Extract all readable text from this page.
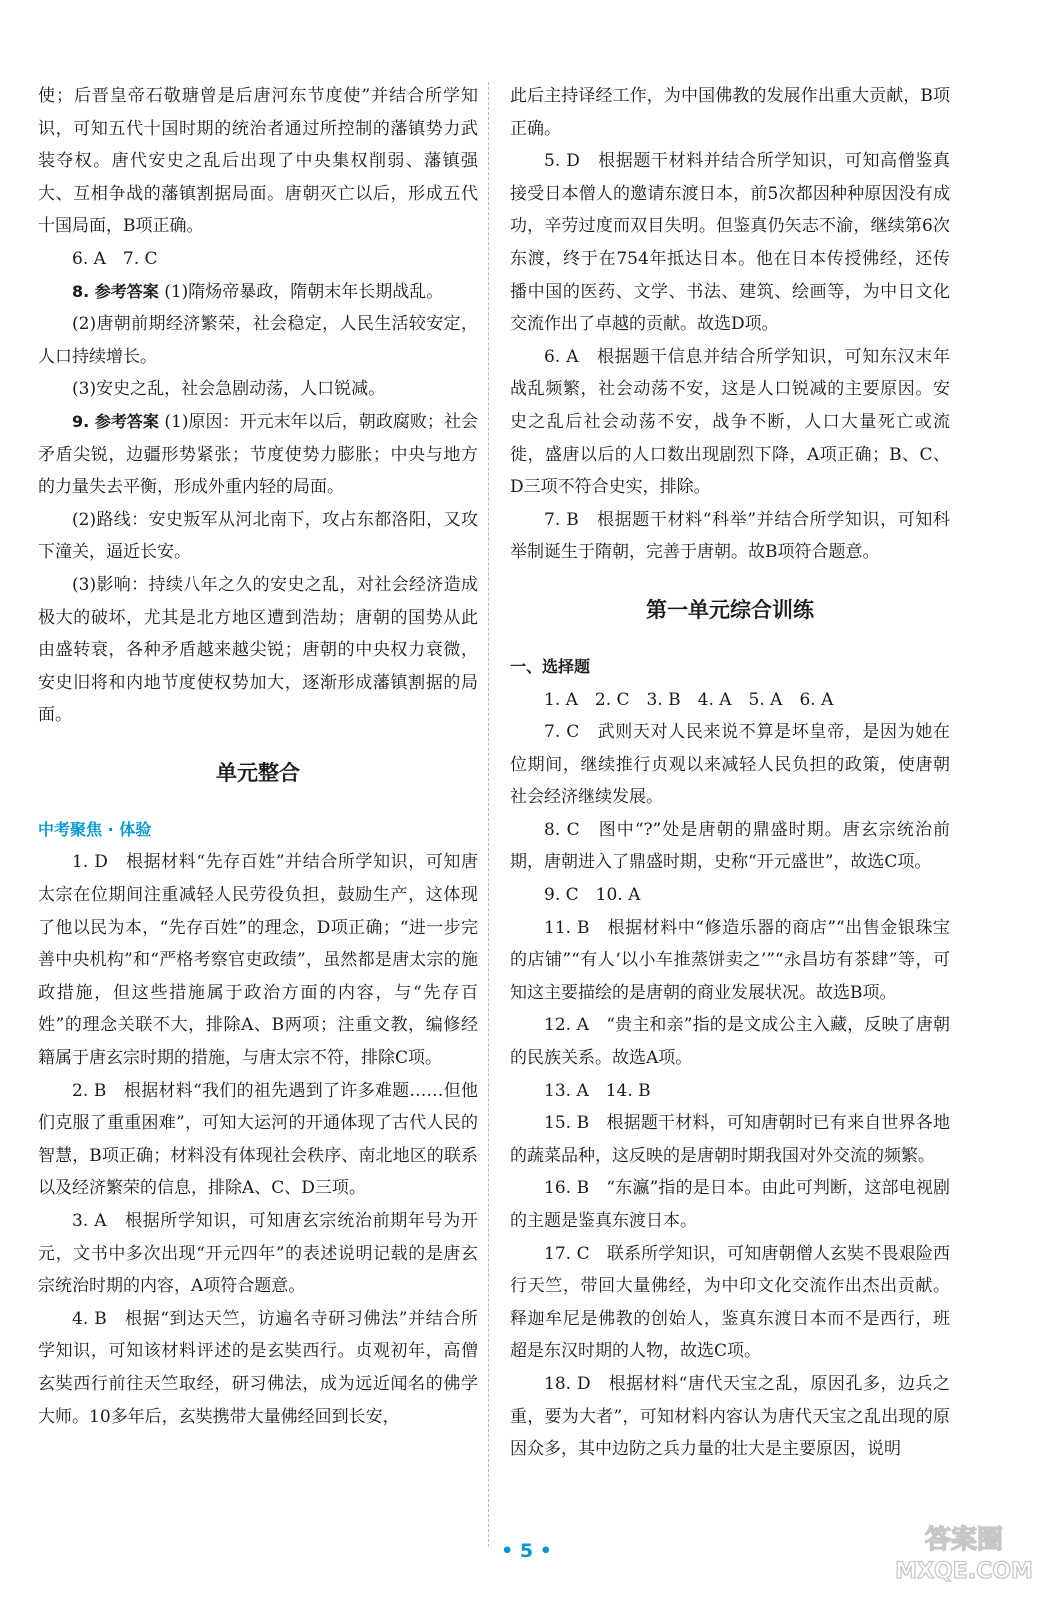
使；后晋皇帝石敬瑭曾是后唐河东节度使”并结合所学知识，可知五代十国时期的统治者通过所控制的藩镇势力武装夺权。唐代安史之乱后出现了中央集权削弱、藩镇强大、互相争战的藩镇割据局面。唐朝灭亡以后，形成五代十国局面，B项正确。

6. A　7. C

8. 参考答案 (1)隋炀帝暴政，隋朝末年长期战乱。

(2)唐朝前期经济繁荣，社会稳定，人民生活较安定，人口持续增长。

(3)安史之乱，社会急剧动荡，人口锐减。

9. 参考答案 (1)原因：开元末年以后，朝政腐败；社会矛盾尖锐，边疆形势紧张；节度使势力膨胀；中央与地方的力量失去平衡，形成外重内轻的局面。

(2)路线：安史叛军从河北南下，攻占东都洛阳，又攻下潼关，逼近长安。

(3)影响：持续八年之久的安史之乱，对社会经济造成极大的破坏，尤其是北方地区遭到浩劫；唐朝的国势从此由盛转衰，各种矛盾越来越尖锐；唐朝的中央权力衰微，安史旧将和内地节度使权势加大，逐渐形成藩镇割据的局面。

单元整合
中考聚焦 · 体验

1. D　根据材料“先存百姓”并结合所学知识，可知唐太宗在位期间注重减轻人民劳役负担，鼓励生产，这体现了他以民为本，“先存百姓”的理念，D项正确；“进一步完善中央机构”和“严格考察官吏政绩”，虽然都是唐太宗的施政措施，但这些措施属于政治方面的内容，与“先存百姓”的理念关联不大，排除A、B两项；注重文教，编修经籍属于唐玄宗时期的措施，与唐太宗不符，排除C项。

2. B　根据材料“我们的祖先遇到了许多难题……但他们克服了重重困难”，可知大运河的开通体现了古代人民的智慧，B项正确；材料没有体现社会秩序、南北地区的联系以及经济繁荣的信息，排除A、C、D三项。

3. A　根据所学知识，可知唐玄宗统治前期年号为开元，文书中多次出现“开元四年”的表述说明记载的是唐玄宗统治时期的内容，A项符合题意。

4. B　根据“到达天竺，访遍名寺研习佛法”并结合所学知识，可知该材料评述的是玄奘西行。贞观初年，高僧玄奘西行前往天竺取经，研习佛法，成为远近闻名的佛学大师。10多年后，玄奘携带大量佛经回到长安，

此后主持译经工作，为中国佛教的发展作出重大贡献，B项正确。

5. D　根据题干材料并结合所学知识，可知高僧鉴真接受日本僧人的邀请东渡日本，前5次都因种种原因没有成功，辛劳过度而双目失明。但鉴真仍矢志不渝，继续第6次东渡，终于在754年抵达日本。他在日本传授佛经，还传播中国的医药、文学、书法、建筑、绘画等，为中日文化交流作出了卓越的贡献。故选D项。

6. A　根据题干信息并结合所学知识，可知东汉末年战乱频繁，社会动荡不安，这是人口锐减的主要原因。安史之乱后社会动荡不安，战争不断，人口大量死亡或流徙，盛唐以后的人口数出现剧烈下降，A项正确；B、C、D三项不符合史实，排除。

7. B　根据题干材料“科举”并结合所学知识，可知科举制诞生于隋朝，完善于唐朝。故B项符合题意。

第一单元综合训练
一、选择题

1. A　2. C　3. B　4. A　5. A　6. A

7. C　武则天对人民来说不算是坏皇帝，是因为她在位期间，继续推行贞观以来减轻人民负担的政策，使唐朝社会经济继续发展。

8. C　图中“?”处是唐朝的鼎盛时期。唐玄宗统治前期，唐朝进入了鼎盛时期，史称“开元盛世”，故选C项。

9. C　10. A

11. B　根据材料中“修造乐器的商店”“出售金银珠宝的店铺”“有人‘以小车推蒸饼卖之’”“永昌坊有茶肆”等，可知这主要描绘的是唐朝的商业发展状况。故选B项。

12. A　“贵主和亲”指的是文成公主入藏，反映了唐朝的民族关系。故选A项。

13. A　14. B

15. B　根据题干材料，可知唐朝时已有来自世界各地的蔬菜品种，这反映的是唐朝时期我国对外交流的频繁。

16. B　“东瀛”指的是日本。由此可判断，这部电视剧的主题是鉴真东渡日本。

17. C　联系所学知识，可知唐朝僧人玄奘不畏艰险西行天竺，带回大量佛经，为中印文化交流作出杰出贡献。释迦牟尼是佛教的创始人，鉴真东渡日本而不是西行，班超是东汉时期的人物，故选C项。

18. D　根据材料“唐代天宝之乱，原因孔多，边兵之重，要为大者”，可知材料内容认为唐代天宝之乱出现的原因众多，其中边防之兵力量的壮大是主要原因，说明

• 5 •	答案圈
MXQE.COM
